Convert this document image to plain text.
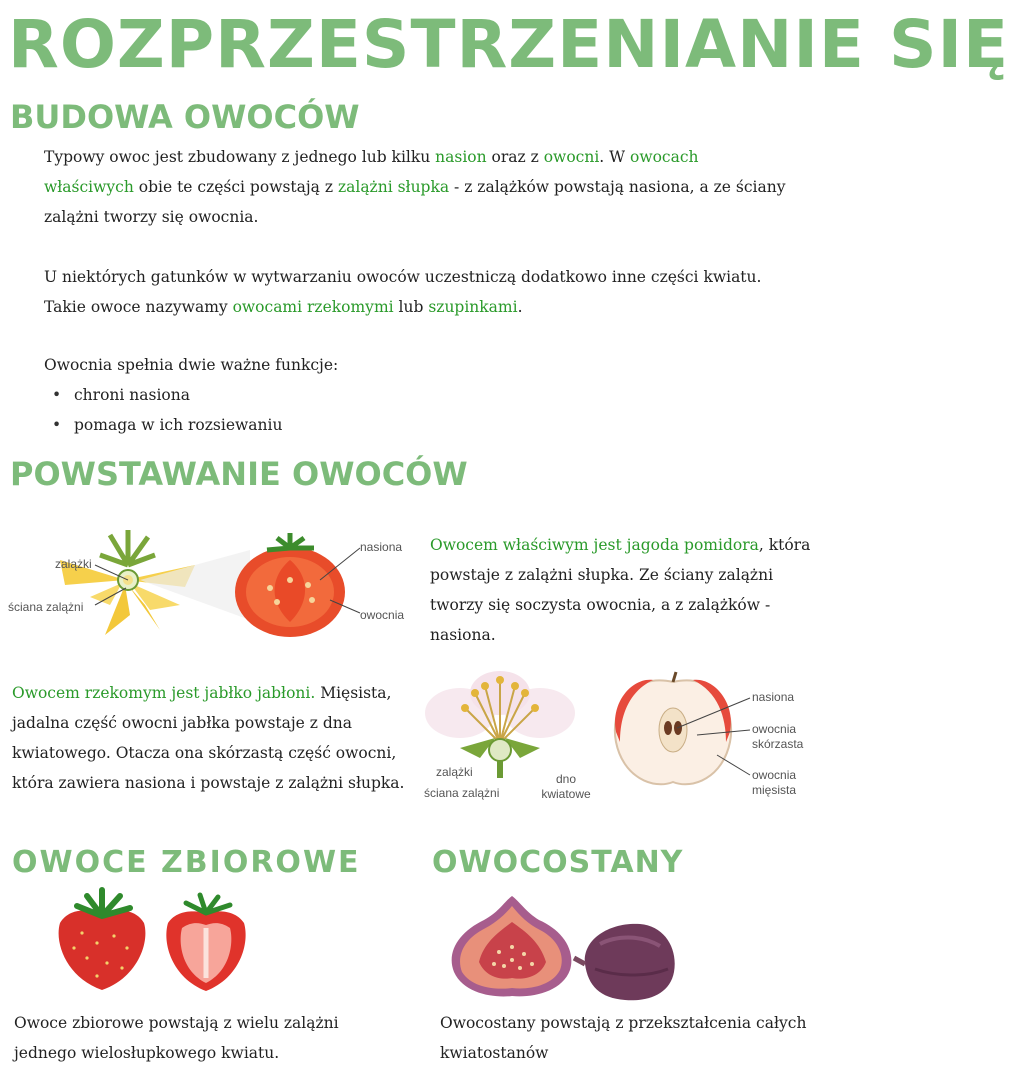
ROZPRZESTRZENIANIE SIĘ
BUDOWA OWOCÓW
Typowy owoc jest zbudowany z jednego lub kilku nasion oraz z owocni. W owocach właściwych obie te części powstają z zalążni słupka - z zalążków powstają nasiona, a ze ściany zalążni tworzy się owocnia.
U niektórych gatunków w wytwarzaniu owoców uczestniczą dodatkowo inne części kwiatu. Takie owoce nazywamy owocami rzekomymi lub szupinkami.
Owocnia spełnia dwie ważne funkcje:
• chroni nasiona
• pomaga w ich rozsiewaniu
POWSTAWANIE OWOCÓW
zalążki
ściana zalążni
nasiona
owocnia
Owocem właściwym jest jagoda pomidora, która powstaje z zalążni słupka. Ze ściany zalążni tworzy się soczysta owocnia, a z zalążków - nasiona.
Owocem rzekomym jest jabłko jabłoni. Mięsista, jadalna część owocni jabłka powstaje z dna kwiatowego. Otacza ona skórzastą część owocni, która zawiera nasiona i powstaje z zalążni słupka.
zalążki
ściana zalążni
dno kwiatowe
nasiona
owocnia skórzasta
owocnia mięsista
OWOCE ZBIOROWE
Owoce zbiorowe powstają z wielu zalążni jednego wielosłupkowego kwiatu.
OWOCOSTANY
Owocostany powstają z przekształcenia całych kwiatostanów
